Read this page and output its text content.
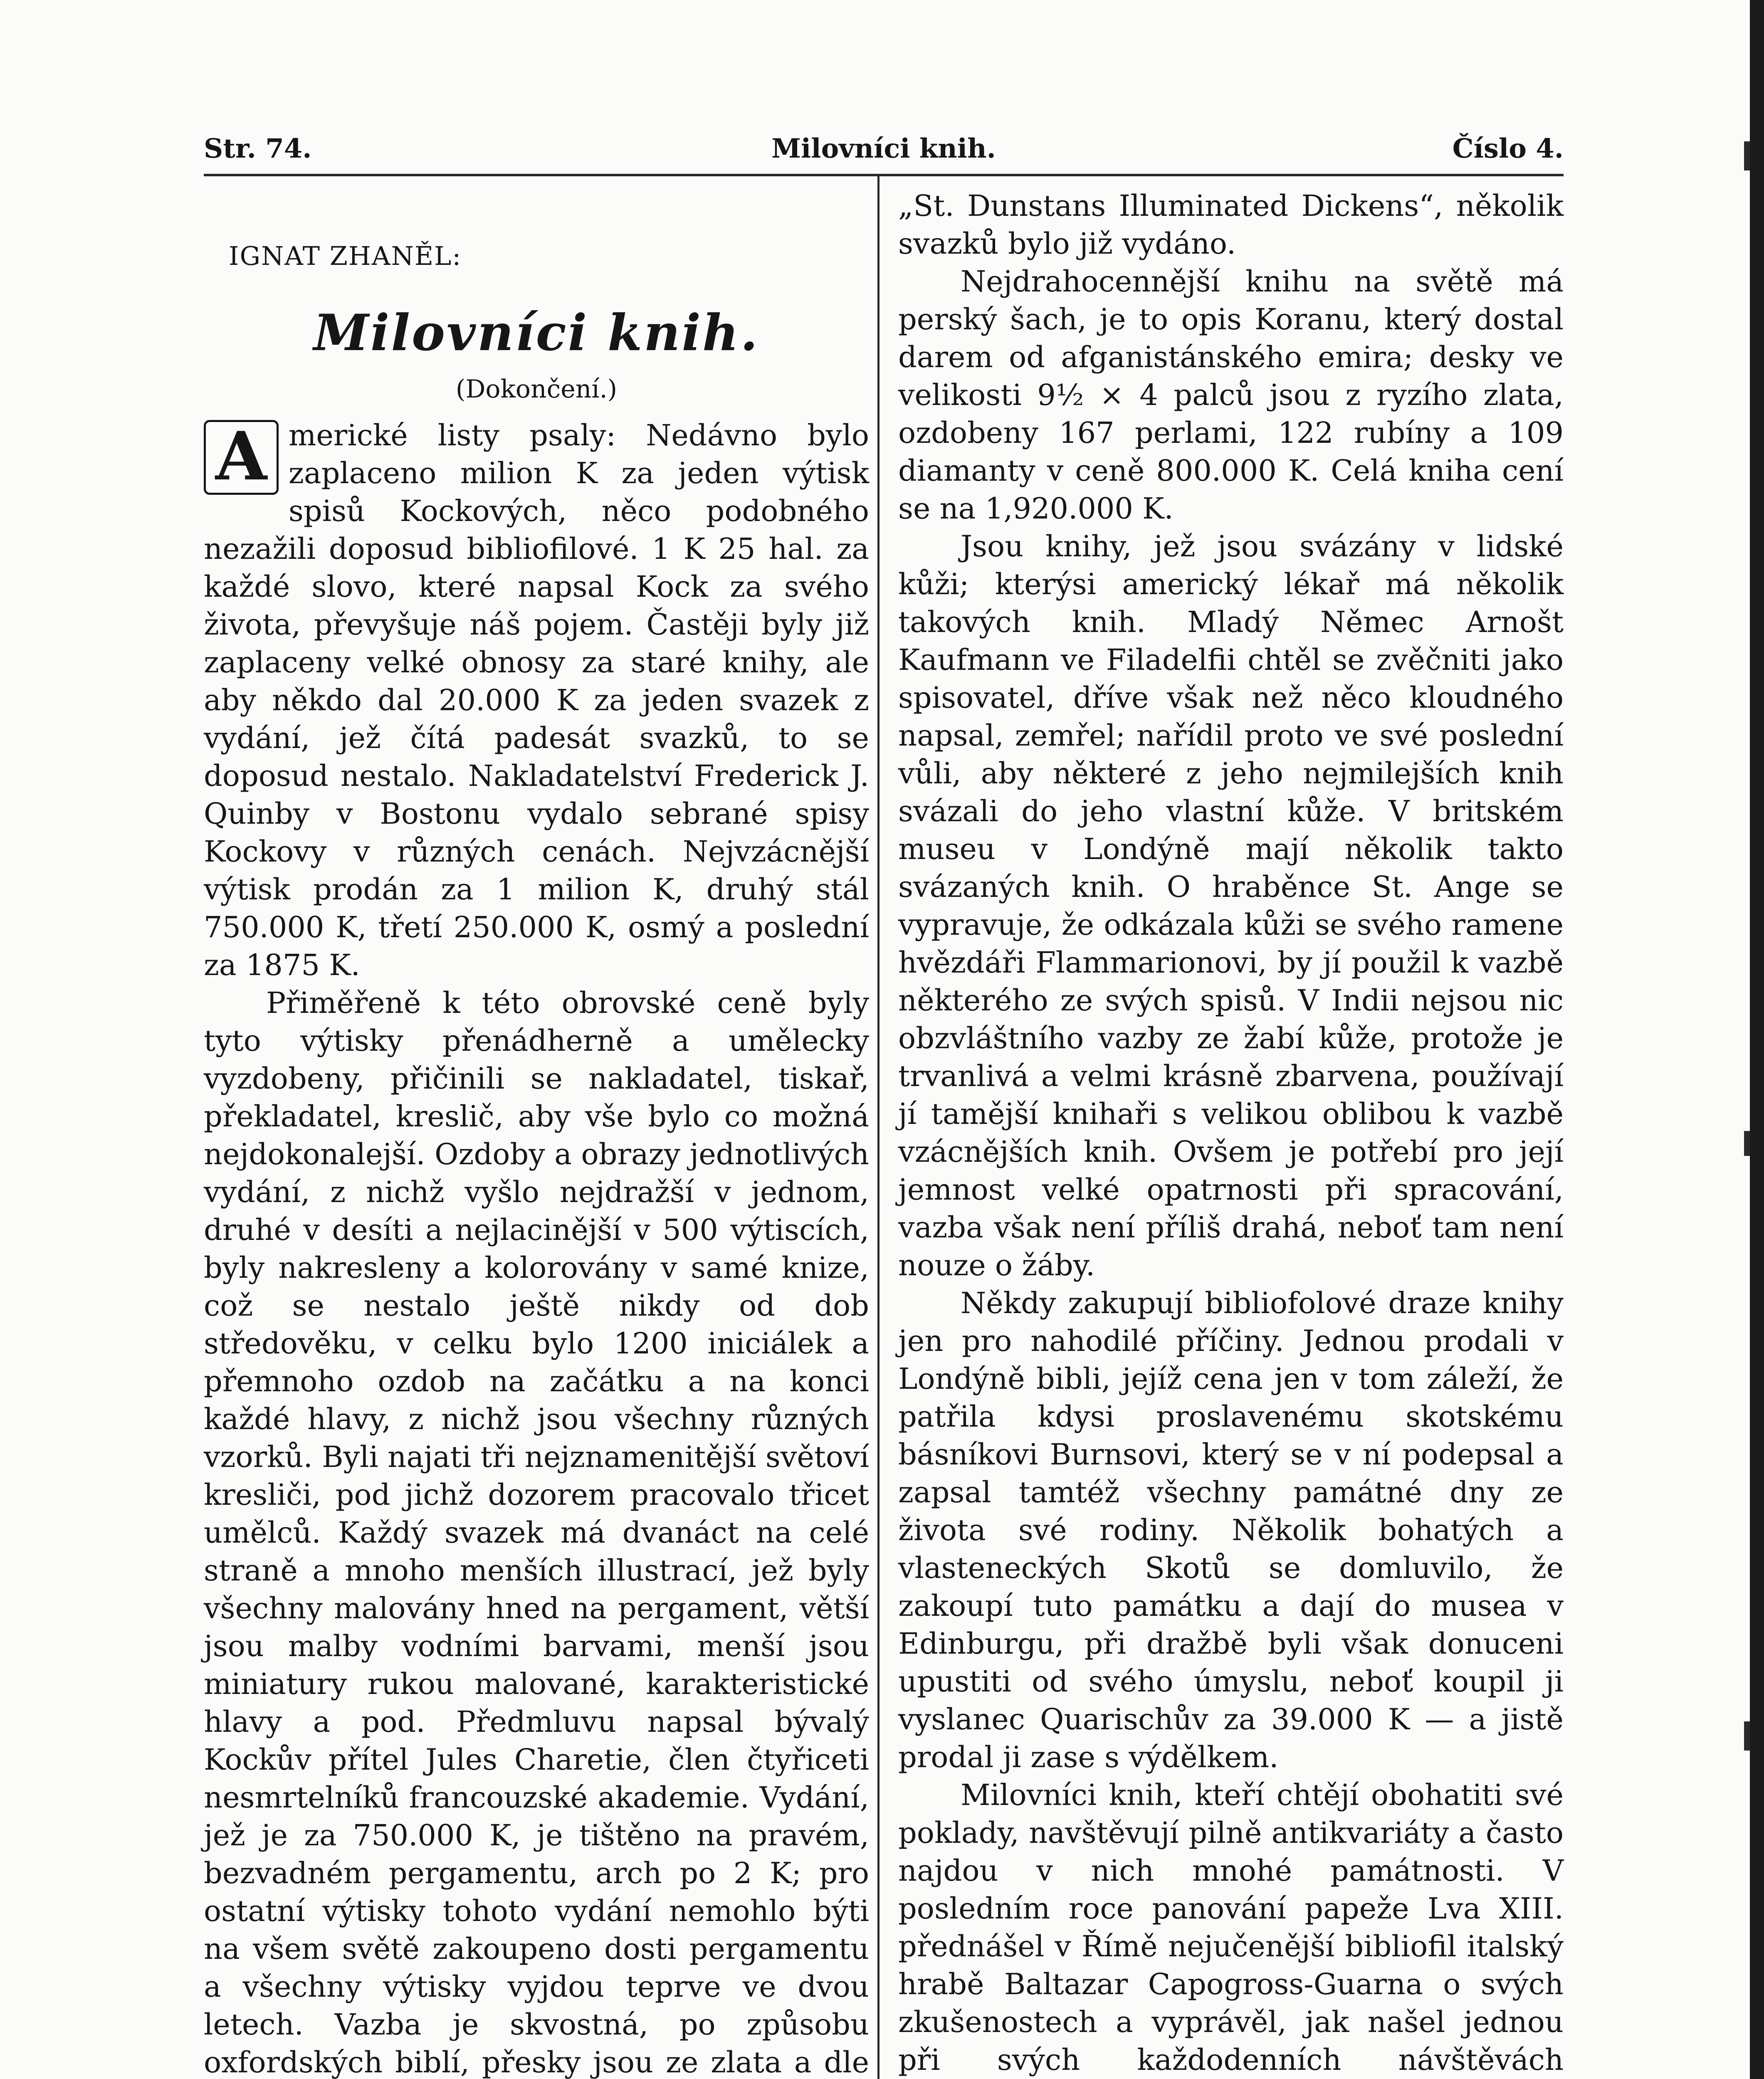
Str. 74.	Milovníci knih.	Číslo 4.
IGNAT ZHANĚL:
Milovníci knih.
(Dokončení.)

A merické listy psaly: Nedávno bylo zaplaceno milion K za jeden výtisk spisů Kockových, něco podobného nezažili doposud bibliofilové. 1 K 25 hal. za každé slovo, které napsal Kock za svého života, převyšuje náš pojem. Častěji byly již zaplaceny velké obnosy za staré knihy, ale aby někdo dal 20.000 K za jeden svazek z vydání, jež čítá padesát svazků, to se doposud nestalo. Nakladatelství Frederick J. Quinby v Bostonu vydalo sebrané spisy Kockovy v různých cenách. Nejvzácnější výtisk prodán za 1 milion K, druhý stál 750.000 K, třetí 250.000 K, osmý a poslední za 1875 K.

Přiměřeně k této obrovské ceně byly tyto výtisky přenádherně a umělecky vyzdobeny, přičinili se nakladatel, tiskař, překladatel, kreslič, aby vše bylo co možná nejdokonalejší. Ozdoby a obrazy jednotlivých vydání, z nichž vyšlo nejdražší v jednom, druhé v desíti a nejlacinější v 500 výtiscích, byly nakresleny a kolorovány v samé knize, což se nestalo ještě nikdy od dob středověku, v celku bylo 1200 iniciálek a přemnoho ozdob na začátku a na konci každé hlavy, z nichž jsou všechny různých vzorků. Byli najati tři nejznamenitější světoví kresliči, pod jichž dozorem pracovalo třicet umělců. Každý svazek má dvanáct na celé straně a mnoho menších illustrací, jež byly všechny malovány hned na pergament, větší jsou malby vodními barvami, menší jsou miniatury rukou malované, karakteristické hlavy a pod. Předmluvu napsal bývalý Kockův přítel Jules Charetie, člen čtyřiceti nesmrtelníků francouzské akademie. Vydání, jež je za 750.000 K, je tištěno na pravém, bezvadném pergamentu, arch po 2 K; pro ostatní výtisky tohoto vydání nemohlo býti na všem světě zakoupeno dosti pergamentu a všechny výtisky vyjdou teprve ve dvou letech. Vazba je skvostná, po způsobu oxfordských biblí, přesky jsou ze zlata a dle

„St. Dunstans Illuminated Dickens“, několik svazků bylo již vydáno.

Nejdrahocennější knihu na světě má perský šach, je to opis Koranu, který dostal darem od afganistánského emira; desky ve velikosti 9½ × 4 palců jsou z ryzího zlata, ozdobeny 167 perlami, 122 rubíny a 109 diamanty v ceně 800.000 K. Celá kniha cení se na 1,920.000 K.

Jsou knihy, jež jsou svázány v lidské kůži; kterýsi americký lékař má několik takových knih. Mladý Němec Arnošt Kaufmann ve Filadelfii chtěl se zvěčniti jako spisovatel, dříve však než něco kloudného napsal, zemřel; nařídil proto ve své poslední vůli, aby některé z jeho nejmilejších knih svázali do jeho vlastní kůže. V britském museu v Londýně mají několik takto svázaných knih. O hraběnce St. Ange se vypravuje, že odkázala kůži se svého ramene hvězdáři Flammarionovi, by jí použil k vazbě některého ze svých spisů. V Indii nejsou nic obzvláštního vazby ze žabí kůže, protože je trvanlivá a velmi krásně zbarvena, používají jí tamější knihaři s velikou oblibou k vazbě vzácnějších knih. Ovšem je potřebí pro její jemnost velké opatrnosti při spracování, vazba však není příliš drahá, neboť tam není nouze o žáby.

Někdy zakupují bibliofolové draze knihy jen pro nahodilé příčiny. Jednou prodali v Londýně bibli, jejíž cena jen v tom záleží, že patřila kdysi proslavenému skotskému básníkovi Burnsovi, který se v ní podepsal a zapsal tamtéž všechny památné dny ze života své rodiny. Několik bohatých a vlasteneckých Skotů se domluvilo, že zakoupí tuto památku a dají do musea v Edinburgu, při dražbě byli však donuceni upustiti od svého úmyslu, neboť koupil ji vyslanec Quarischův za 39.000 K — a jistě prodal ji zase s výdělkem.

Milovníci knih, kteří chtějí obohatiti své poklady, navštěvují pilně antikvariáty a často najdou v nich mnohé památnosti. V posledním roce panování papeže Lva XIII. přednášel v Římě nejučenější bibliofil italský hrabě Baltazar Capogross-Guarna o svých zkušenostech a vyprávěl, jak našel jednou při svých každodenních návštěvách
